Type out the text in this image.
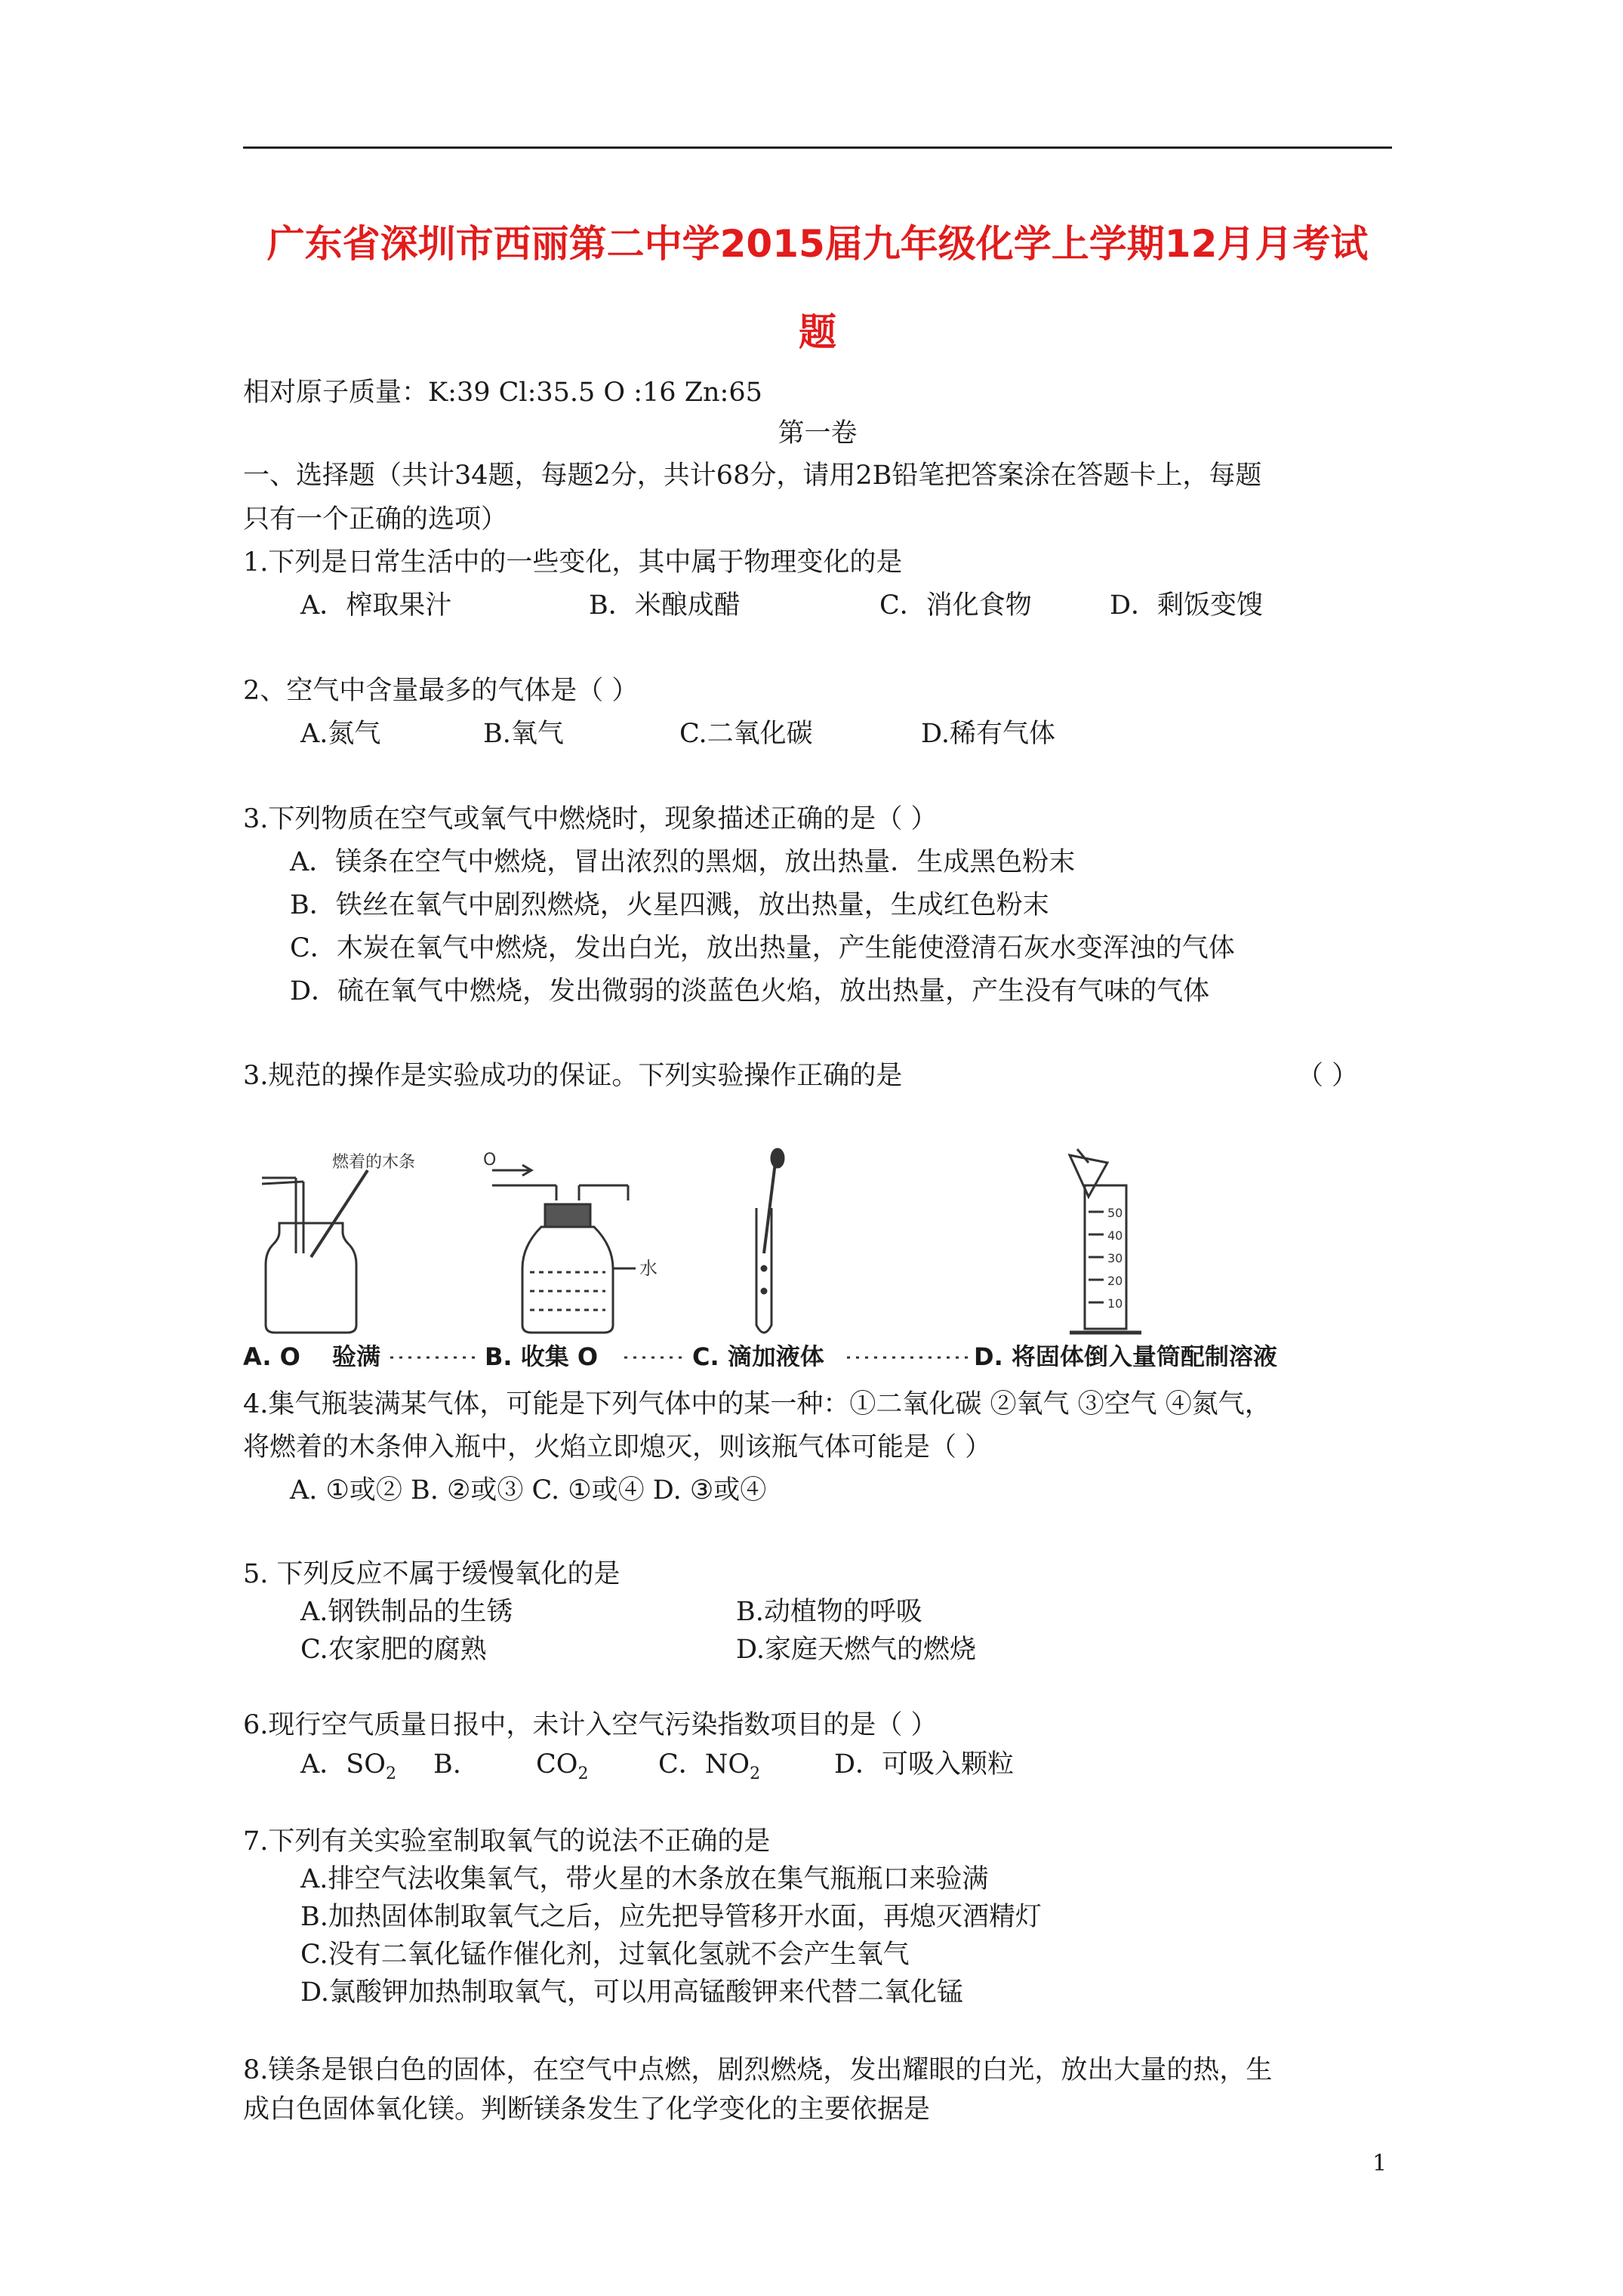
广东省深圳市西丽第二中学2015届九年级化学上学期12月月考试
题
相对原子质量：K:39 Cl:35.5 O :16 Zn:65
第一卷
一、选择题（共计34题，每题2分，共计68分，请用2B铅笔把答案涂在答题卡上，每题
只有一个正确的选项）
1.下列是日常生活中的一些变化，其中属于物理变化的是
A．榨取果汁	B．米酿成醋	C．消化食物	D．剩饭变馊
2、空气中含量最多的气体是（ ）
A.氮气	B.氧气	C.二氧化碳	D.稀有气体
3.下列物质在空气或氧气中燃烧时，现象描述正确的是（ ）
A．镁条在空气中燃烧，冒出浓烈的黑烟，放出热量．生成黑色粉末
B．铁丝在氧气中剧烈燃烧，火星四溅，放出热量，生成红色粉末
C．木炭在氧气中燃烧，发出白光，放出热量，产生能使澄清石灰水变浑浊的气体
D．硫在氧气中燃烧，发出微弱的淡蓝色火焰，放出热量，产生没有气味的气体
3.规范的操作是实验成功的保证。下列实验操作正确的是	（ ）
燃着的木条	O
水
50
40
30
20
10
A. O 验满	B. 收集 O	C. 滴加液体	D. 将固体倒入量筒配制溶液
4.集气瓶装满某气体，可能是下列气体中的某一种：①二氧化碳 ②氧气 ③空气 ④氮气，
将燃着的木条伸入瓶中，火焰立即熄灭，则该瓶气体可能是（ ）
A. ①或② B. ②或③ C. ①或④ D. ③或④
5. 下列反应不属于缓慢氧化的是
A.钢铁制品的生锈	B.动植物的呼吸
C.农家肥的腐熟	D.家庭天燃气的燃烧
6.现行空气质量日报中，未计入空气污染指数项目的是（ ）
A．$SO_2$ B.	$CO_2$	C．$NO_2$	D．可吸入颗粒
7.下列有关实验室制取氧气的说法不正确的是
A.排空气法收集氧气，带火星的木条放在集气瓶瓶口来验满
B.加热固体制取氧气之后，应先把导管移开水面，再熄灭酒精灯
C.没有二氧化锰作催化剂，过氧化氢就不会产生氧气
D.氯酸钾加热制取氧气，可以用高锰酸钾来代替二氧化锰
8.镁条是银白色的固体，在空气中点燃，剧烈燃烧，发出耀眼的白光，放出大量的热，生
成白色固体氧化镁。判断镁条发生了化学变化的主要依据是
1
